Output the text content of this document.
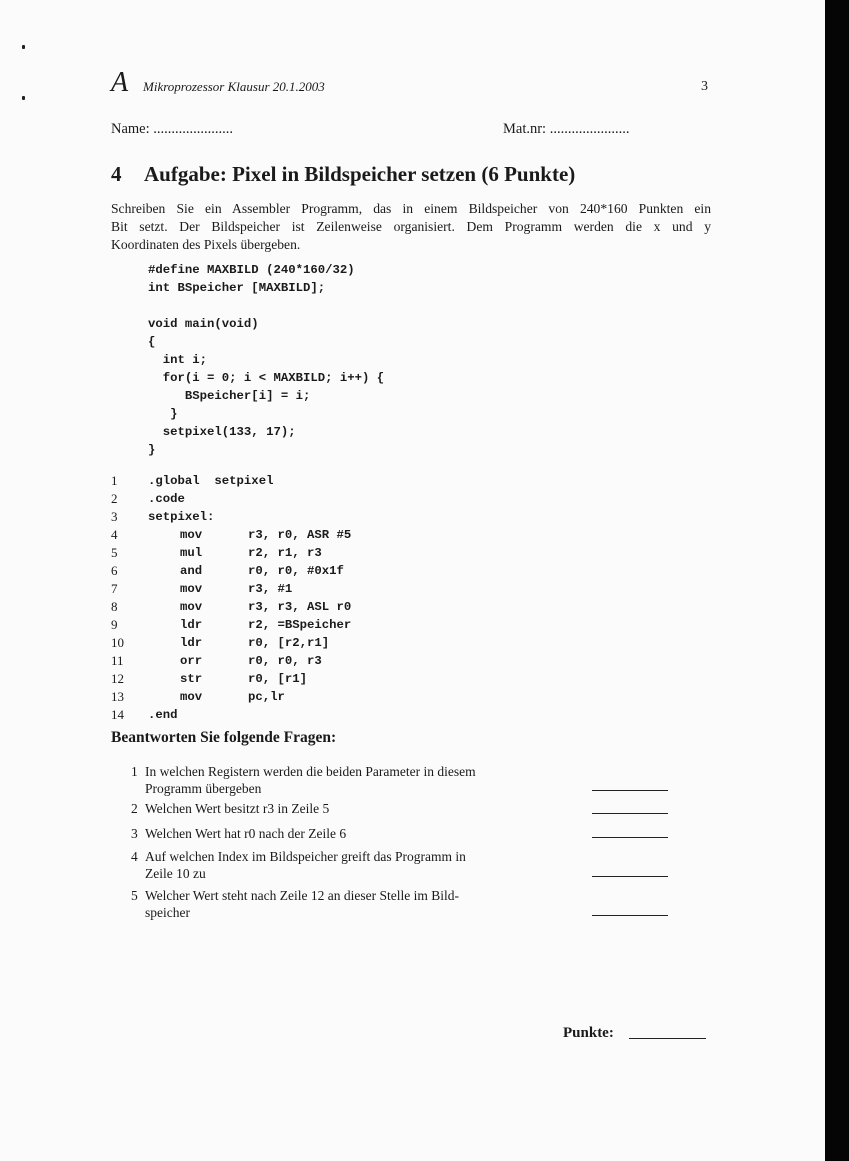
A Mikroprozessor Klausur 20.1.2003	3
Name: ......................	Mat.nr: ......................
4 Aufgabe: Pixel in Bildspeicher setzen (6 Punkte)
Schreiben Sie ein Assembler Programm, das in einem Bildspeicher von 240*160 Punkten ein
Bit setzt. Der Bildspeicher ist Zeilenweise organisiert. Dem Programm werden die x und y
Koordinaten des Pixels übergeben.
#define MAXBILD (240*160/32)
int BSpeicher [MAXBILD];
void main(void)
{
int i;
for(i = 0; i < MAXBILD; i++) {
BSpeicher[i] = i;
}
setpixel(133, 17);
}
1	.global  setpixel
2	.code
3	setpixel:
4	mov	r3, r0, ASR #5
5	mul	r2, r1, r3
6	and	r0, r0, #0x1f
7	mov	r3, #1
8	mov	r3, r3, ASL r0
9	ldr	r2, =BSpeicher
10	ldr	r0, [r2,r1]
11	orr	r0, r0, r3
12	str	r0, [r1]
13	mov	pc,lr
14	.end
Beantworten Sie folgende Fragen:
1 In welchen Registern werden die beiden Parameter in diesem
Programm übergeben
2 Welchen Wert besitzt r3 in Zeile 5
3 Welchen Wert hat r0 nach der Zeile 6
4 Auf welchen Index im Bildspeicher greift das Programm in
Zeile 10 zu
5 Welcher Wert steht nach Zeile 12 an dieser Stelle im Bild-
speicher
Punkte:
